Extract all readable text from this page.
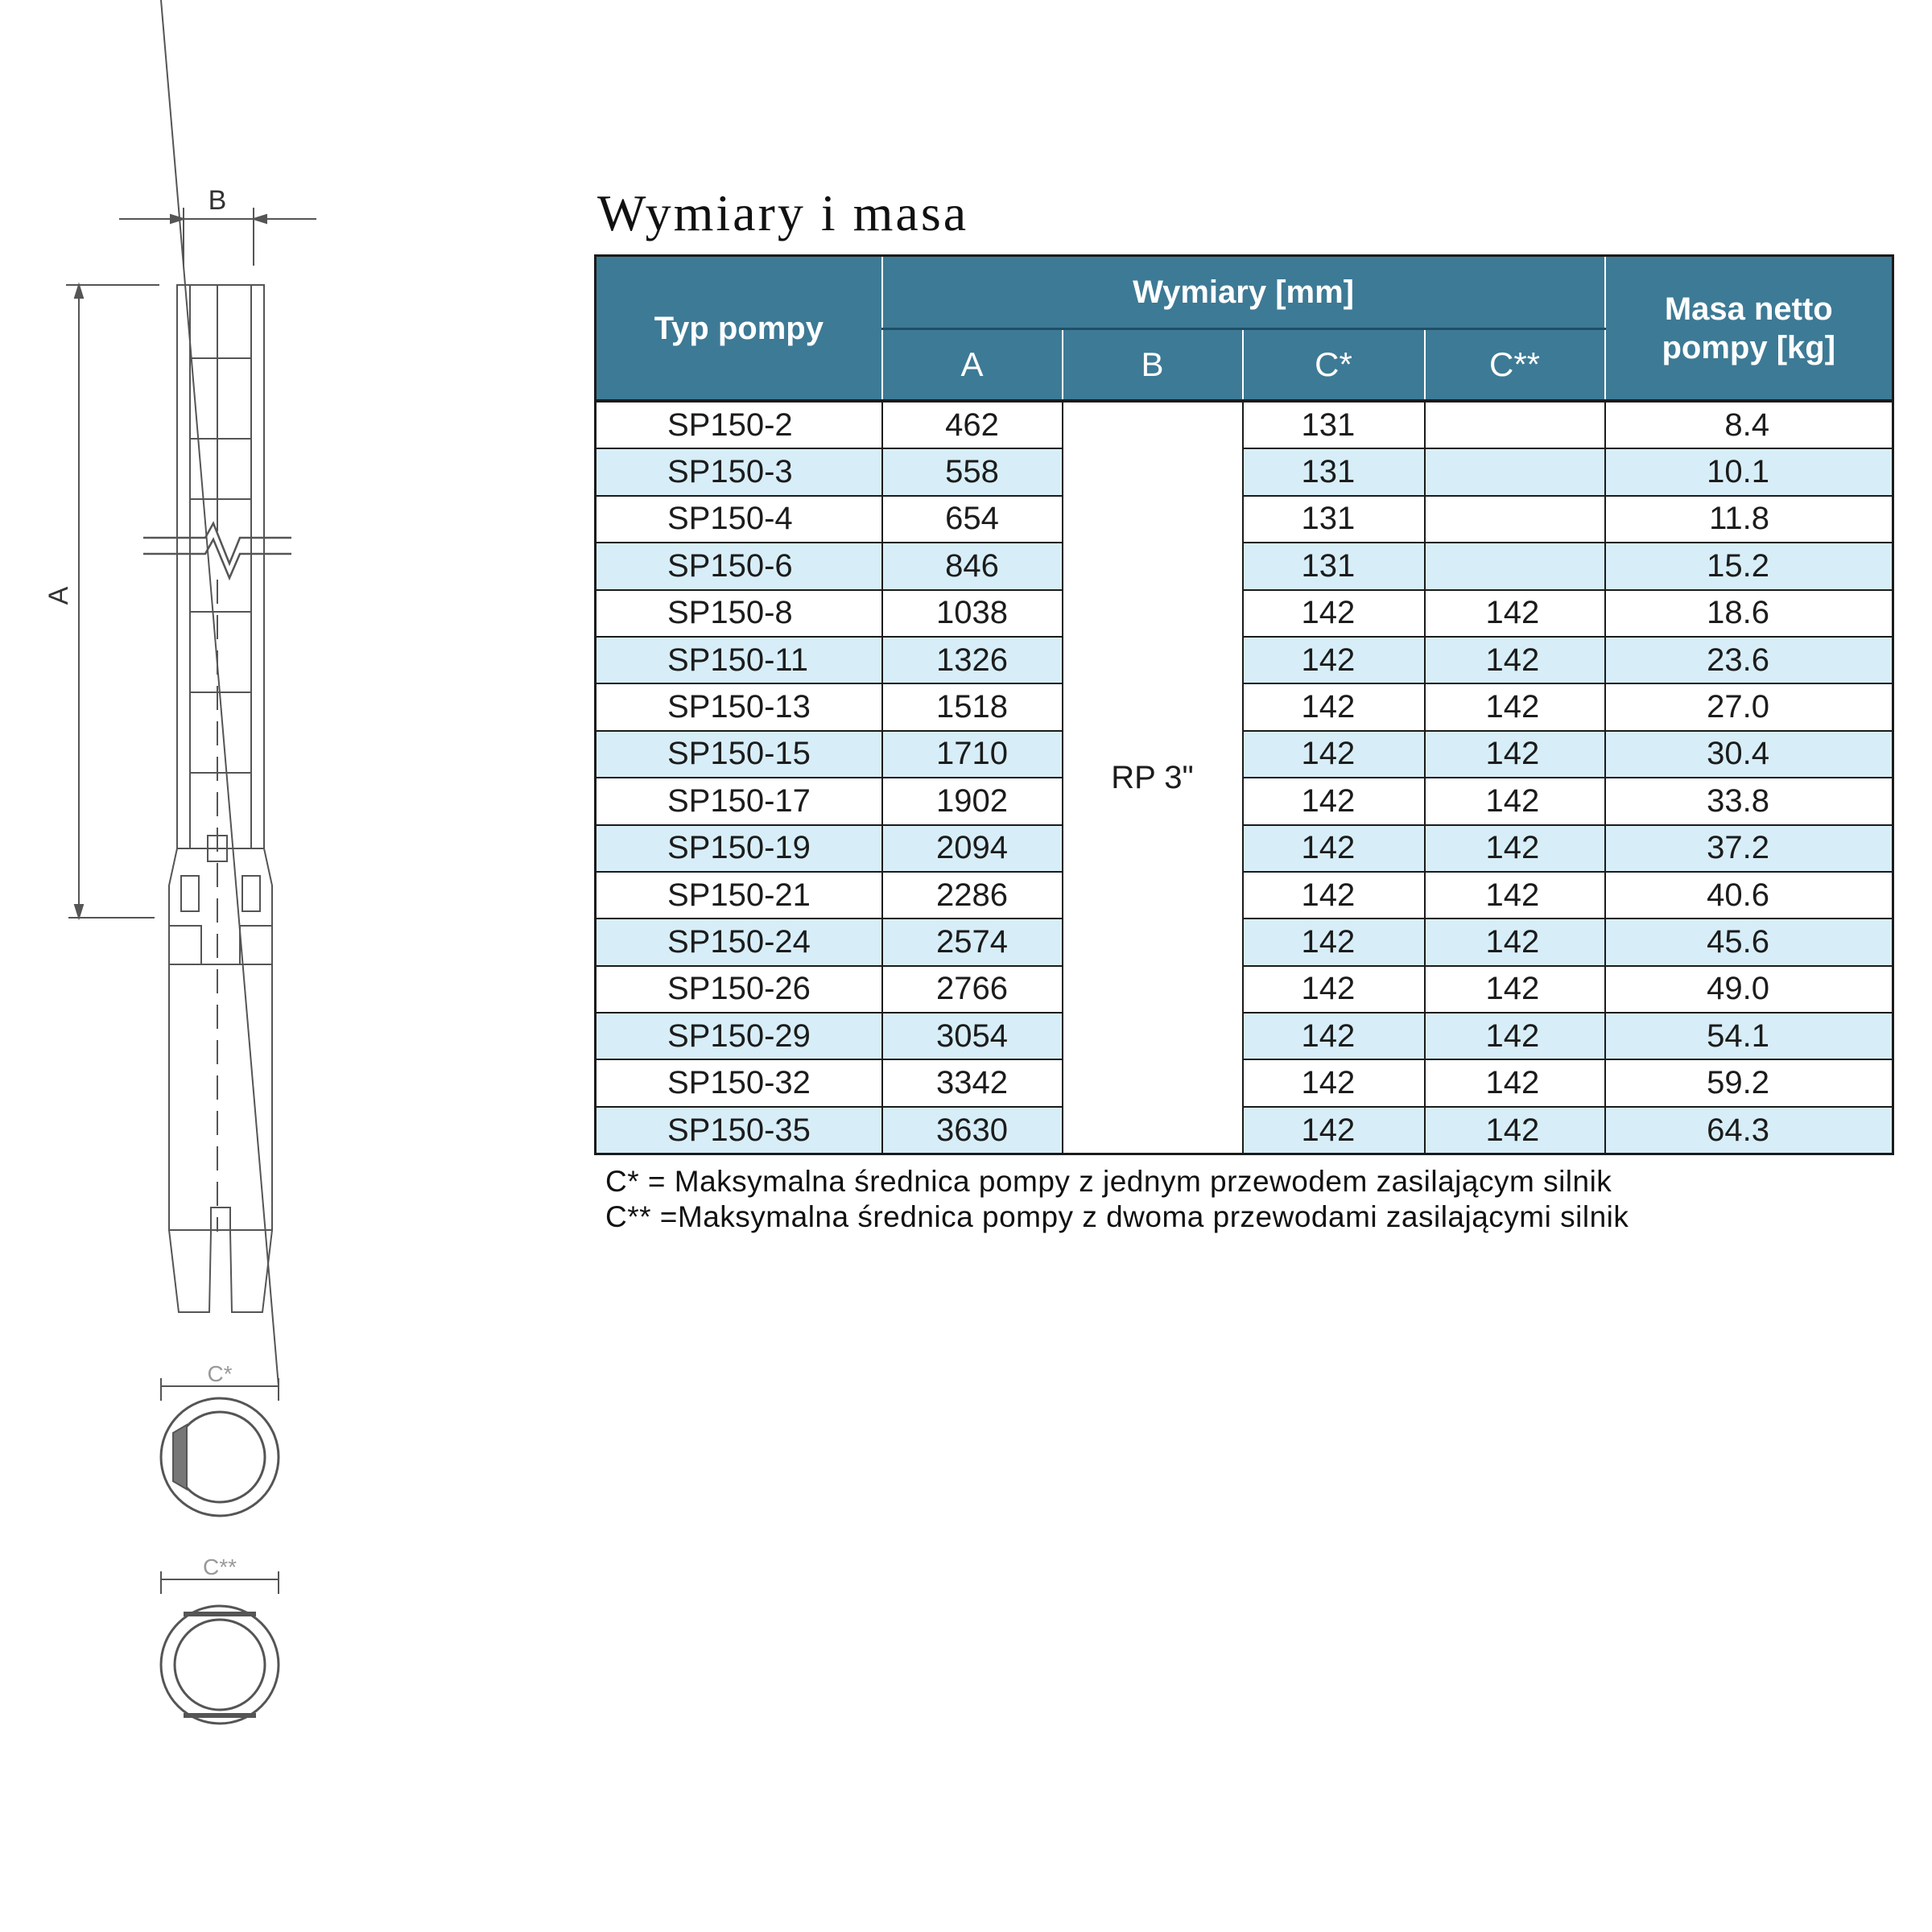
B
A
C*
C**
Wymiary i masa
Typ pompy	Wymiary [mm]				Masa netto
pompy [kg]

	A	B	C*	C**	
SP150-2	462	RP 3"	131		8.4
SP150-3	558		131		10.1
SP150-4	654		131		11.8
SP150-6	846		131		15.2
SP150-8	1038		142	142	18.6
SP150-11	1326		142	142	23.6
SP150-13	1518		142	142	27.0
SP150-15	1710		142	142	30.4
SP150-17	1902		142	142	33.8
SP150-19	2094		142	142	37.2
SP150-21	2286		142	142	40.6
SP150-24	2574		142	142	45.6
SP150-26	2766		142	142	49.0
SP150-29	3054		142	142	54.1
SP150-32	3342		142	142	59.2
SP150-35	3630		142	142	64.3
C* = Maksymalna średnica pompy z jednym przewodem zasilającym silnik
C** =Maksymalna średnica pompy z dwoma przewodami zasilającymi silnik
